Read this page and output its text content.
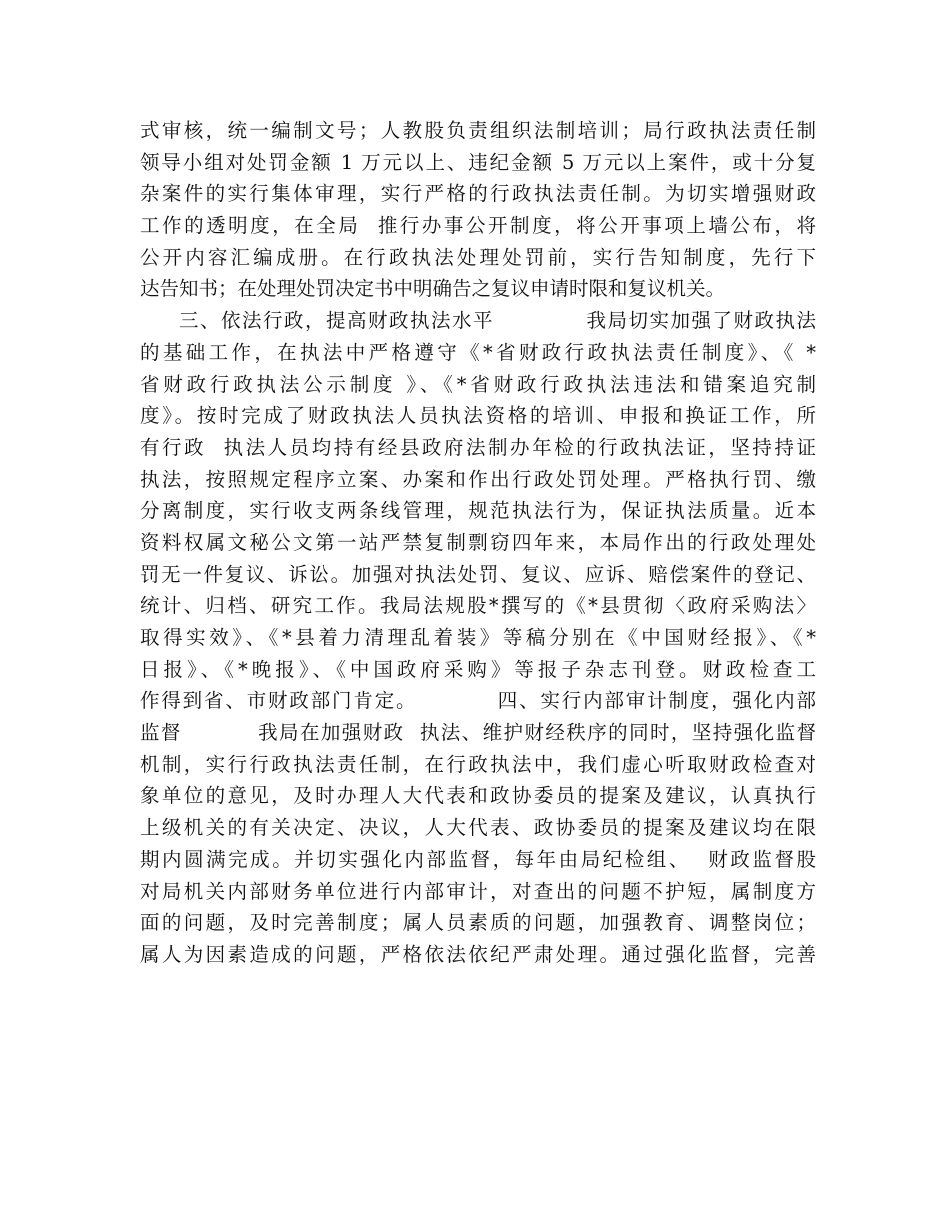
式审核，统一编制文号；人教股负责组织法制培训；局行政执法责任制
领导小组对处罚金额 1 万元以上、违纪金额 5 万元以上案件，或十分复
杂案件的实行集体审理，实行严格的行政执法责任制。为切实增强财政
工作的透明度，在全局  推行办事公开制度，将公开事项上墙公布，将
公开内容汇编成册。在行政执法处理处罚前，实行告知制度，先行下
达告知书；在处理处罚决定书中明确告之复议申请时限和复议机关。
三、依法行政，提高财政执法水平            我局切实加强了财政执法
的基础工作，在执法中严格遵守《*省财政行政执法责任制度》、《 *
省财政行政执法公示制度 》、《*省财政行政执法违法和错案追究制
度》。按时完成了财政执法人员执法资格的培训、申报和换证工作，所
有行政  执法人员均持有经县政府法制办年检的行政执法证，坚持持证
执法，按照规定程序立案、办案和作出行政处罚处理。严格执行罚、缴
分离制度，实行收支两条线管理，规范执法行为，保证执法质量。近本
资料权属文秘公文第一站严禁复制剽窃四年来，本局作出的行政处理处
罚无一件复议、诉讼。加强对执法处罚、复议、应诉、赔偿案件的登记、
统计、归档、研究工作。我局法规股*撰写的《*县贯彻〈政府采购法〉
取得实效》、《*县着力清理乱着装》等稿分别在《中国财经报》、《*
日报》、《*晚报》、《中国政府采购》等报子杂志刊登。财政检查工
作得到省、市财政部门肯定。          四、实行内部审计制度，强化内部
监督          我局在加强财政  执法、维护财经秩序的同时，坚持强化监督
机制，实行行政执法责任制，在行政执法中，我们虚心听取财政检查对
象单位的意见，及时办理人大代表和政协委员的提案及建议，认真执行
上级机关的有关决定、决议，人大代表、政协委员的提案及建议均在限
期内圆满完成。并切实强化内部监督，每年由局纪检组、  财政监督股
对局机关内部财务单位进行内部审计，对查出的问题不护短，属制度方
面的问题，及时完善制度；属人员素质的问题，加强教育、调整岗位；
属人为因素造成的问题，严格依法依纪严肃处理。通过强化监督，完善
